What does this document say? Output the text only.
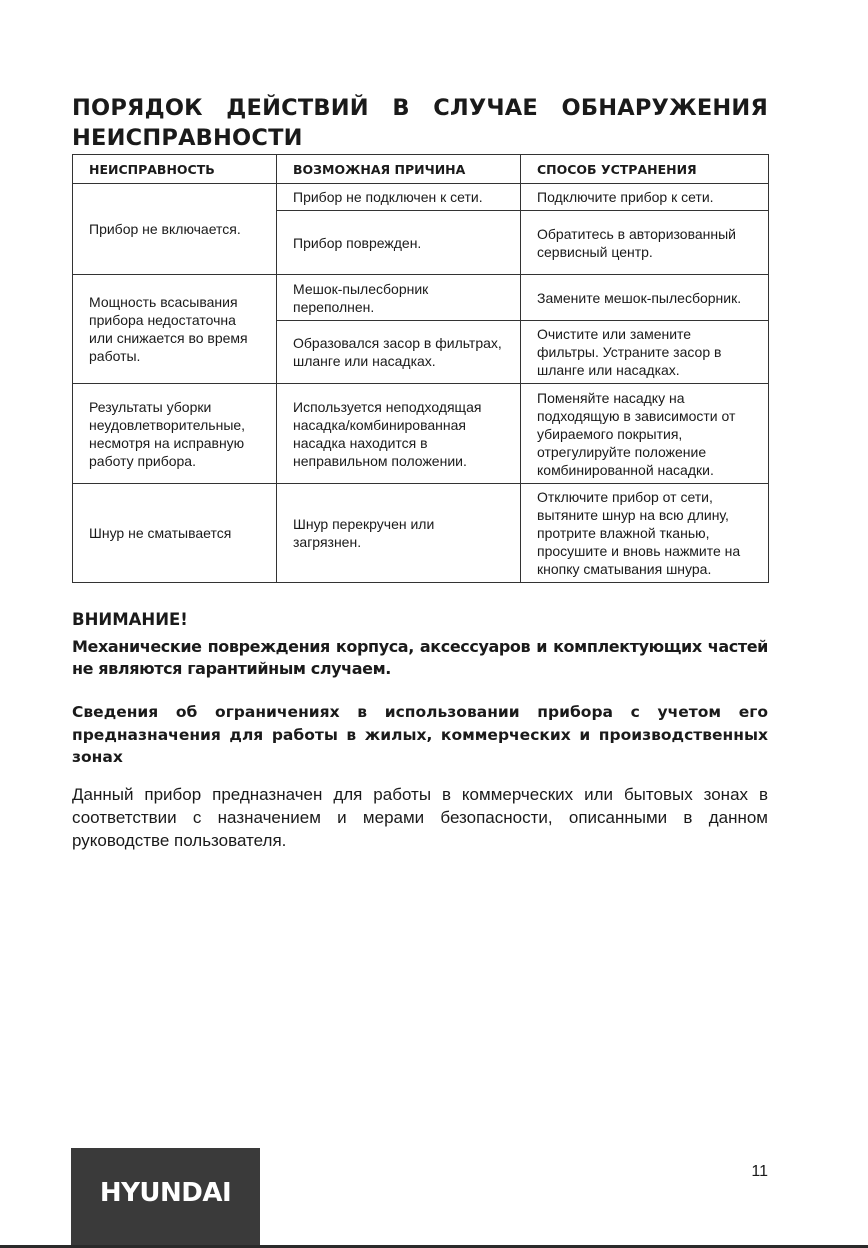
ПОРЯДОК ДЕЙСТВИЙ В СЛУЧАЕ ОБНАРУЖЕНИЯ НЕИСПРАВНОСТИ
НЕИСПРАВНОСТЬ	ВОЗМОЖНАЯ ПРИЧИНА	СПОСОБ УСТРАНЕНИЯ
Прибор не включается.	Прибор не подключен к сети.	Подключите прибор к сети.
	Прибор поврежден.	Обратитесь в авторизованный сервисный центр.
Мощность всасывания прибора недостаточна или снижается во время работы.	Мешок-пылесборник переполнен.	Замените мешок-пылесборник.
	Образовался засор в фильтрах, шланге или насадках.	Очистите или замените фильтры. Устраните засор в шланге или насадках.
Результаты уборки неудовлетворительные, несмотря на исправную работу прибора.	Используется неподходящая насадка/комбинированная насадка находится в неправильном положении.	Поменяйте насадку на подходящую в зависимости от убираемого покрытия, отрегулируйте положение комбинированной насадки.
Шнур не сматывается	Шнур перекручен или загрязнен.	Отключите прибор от сети, вытяните шнур на всю длину, протрите влажной тканью, просушите и вновь нажмите на кнопку сматывания шнура.
ВНИМАНИЕ!

Механические повреждения корпуса, аксессуаров и комплектующих частей не являются гарантийным случаем.

Сведения об ограничениях в использовании прибора с учетом его предназначения для работы в жилых, коммерческих и производственных зонах

Данный прибор предназначен для работы в коммерческих или бытовых зонах в соответствии с назначением и мерами безопасности, описанными в данном руководстве пользователя.

HYUNDAI
11
